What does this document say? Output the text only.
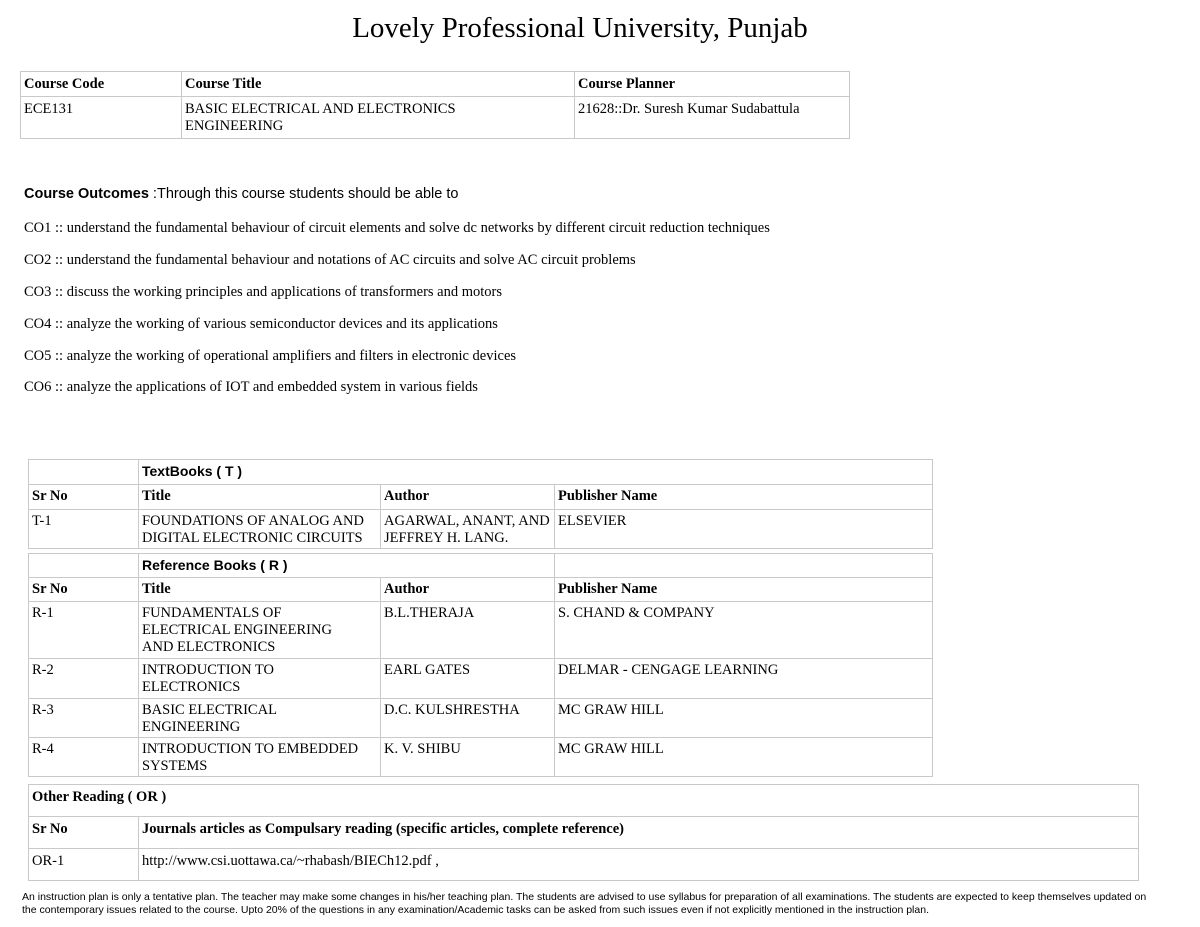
Lovely Professional University, Punjab
Course Code	Course Title	Course Planner
ECE131	BASIC ELECTRICAL AND ELECTRONICS ENGINEERING	21628::Dr. Suresh Kumar Sudabattula
Course Outcomes :Through this course students should be able to
CO1 :: understand the fundamental behaviour of circuit elements and solve dc networks by different circuit reduction techniques
CO2 :: understand the fundamental behaviour and notations of AC circuits and solve AC circuit problems
CO3 :: discuss the working principles and applications of transformers and motors
CO4 :: analyze the working of various semiconductor devices and its applications
CO5 :: analyze the working of operational amplifiers and filters in electronic devices
CO6 :: analyze the applications of IOT and embedded system in various fields
	TextBooks ( T )		
Sr No	Title	Author	Publisher Name
T-1	FOUNDATIONS OF ANALOG AND DIGITAL ELECTRONIC CIRCUITS	AGARWAL, ANANT, AND JEFFREY H. LANG.	ELSEVIER
	Reference Books ( R )		
Sr No	Title	Author	Publisher Name
R-1	FUNDAMENTALS OF ELECTRICAL ENGINEERING AND ELECTRONICS	B.L.THERAJA	S. CHAND & COMPANY
R-2	INTRODUCTION TO ELECTRONICS	EARL GATES	DELMAR - CENGAGE LEARNING
R-3	BASIC ELECTRICAL ENGINEERING	D.C. KULSHRESTHA	MC GRAW HILL
R-4	INTRODUCTION TO EMBEDDED SYSTEMS	K. V. SHIBU	MC GRAW HILL
Other Reading ( OR )	
Sr No	Journals articles as Compulsary reading (specific articles, complete reference)
OR-1	http://www.csi.uottawa.ca/~rhabash/BIECh12.pdf ,
An instruction plan is only a tentative plan. The teacher may make some changes in his/her teaching plan. The students are advised to use syllabus for preparation of all examinations. The students are expected to keep themselves updated on the contemporary issues related to the course. Upto 20% of the questions in any examination/Academic tasks can be asked from such issues even if not explicitly mentioned in the instruction plan.
